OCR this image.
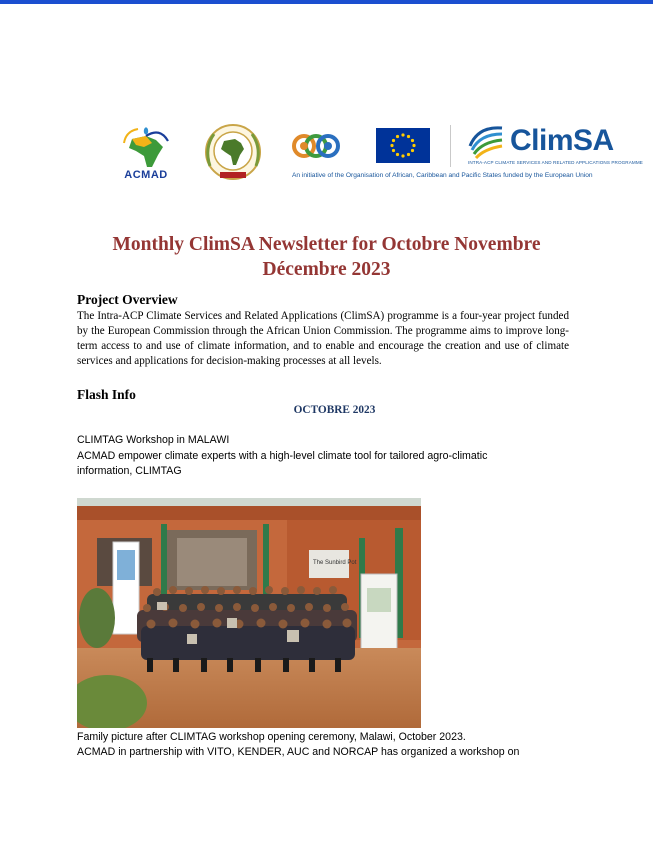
ACMAD
ClimSA
INTRA-ACP CLIMATE SERVICES AND RELATED APPLICATIONS PROGRAMME
An initiative of the Organisation of African, Caribbean and Pacific States funded by the European Union
Monthly ClimSA Newsletter for Octobre Novembre
Décembre 2023
Project Overview
The Intra-ACP Climate Services and Related Applications (ClimSA) programme is a four-year project funded by the European Commission through the African Union Commission. The programme aims to improve long-term access to and use of climate information, and to enable and encourage the creation and use of climate services and applications for decision-making processes at all levels.
Flash Info
OCTOBRE 2023
CLIMTAG Workshop in MALAWI
ACMAD empower climate experts with a high-level climate tool for tailored agro-climatic
information, CLIMTAG
The Sunbird Pot
Family picture after CLIMTAG workshop opening ceremony, Malawi, October 2023.
ACMAD in partnership with VITO, KENDER, AUC and NORCAP has organized a workshop on
